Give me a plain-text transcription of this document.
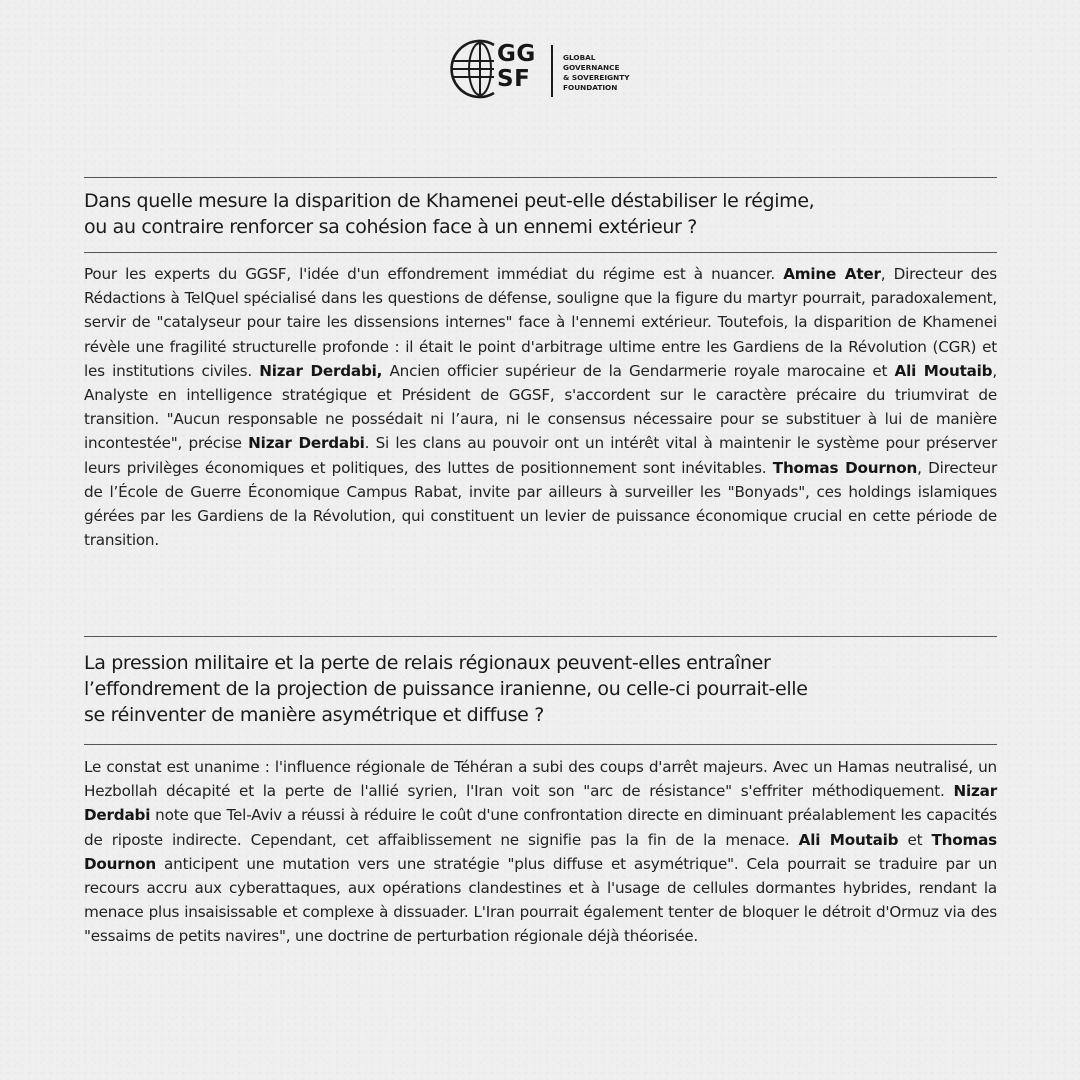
GG
SF
GLOBAL
GOVERNANCE
& SOVEREIGNTY
FOUNDATION
Dans quelle mesure la disparition de Khamenei peut-elle déstabiliser le régime,
ou au contraire renforcer sa cohésion face à un ennemi extérieur ?

Pour les experts du GGSF, l'idée d'un effondrement immédiat du régime est à nuancer. Amine Ater, Directeur des Rédactions à TelQuel spécialisé dans les questions de défense, souligne que la figure du martyr pourrait, paradoxalement, servir de "catalyseur pour taire les dissensions internes" face à l'ennemi extérieur. Toutefois, la disparition de Khamenei révèle une fragilité structurelle profonde : il était le point d'arbitrage ultime entre les Gardiens de la Révolution (CGR) et les institutions civiles. Nizar Derdabi, Ancien officier supérieur de la Gendarmerie royale marocaine et Ali Moutaib, Analyste en intelligence stratégique et Président de GGSF, s'accordent sur le caractère précaire du triumvirat de transition. "Aucun responsable ne possédait ni l’aura, ni le consensus nécessaire pour se substituer à lui de manière incontestée", précise Nizar Derdabi. Si les clans au pouvoir ont un intérêt vital à maintenir le système pour préserver leurs privilèges économiques et politiques, des luttes de positionnement sont inévitables. Thomas Dournon, Directeur de l’École de Guerre Économique Campus Rabat, invite par ailleurs à surveiller les "Bonyads", ces holdings islamiques gérées par les Gardiens de la Révolution, qui constituent un levier de puissance économique crucial en cette période de transition.

La pression militaire et la perte de relais régionaux peuvent-elles entraîner
l’effondrement de la projection de puissance iranienne, ou celle-ci pourrait-elle
se réinventer de manière asymétrique et diffuse ?

Le constat est unanime : l'influence régionale de Téhéran a subi des coups d'arrêt majeurs. Avec un Hamas neutralisé, un Hezbollah décapité et la perte de l'allié syrien, l'Iran voit son "arc de résistance" s'effriter méthodiquement. Nizar Derdabi note que Tel-Aviv a réussi à réduire le coût d'une confrontation directe en diminuant préalablement les capacités de riposte indirecte. Cependant, cet affaiblissement ne signifie pas la fin de la menace. Ali Moutaib et Thomas Dournon anticipent une mutation vers une stratégie "plus diffuse et asymétrique". Cela pourrait se traduire par un recours accru aux cyberattaques, aux opérations clandestines et à l'usage de cellules dormantes hybrides, rendant la menace plus insaisissable et complexe à dissuader. L'Iran pourrait également tenter de bloquer le détroit d'Ormuz via des "essaims de petits navires", une doctrine de perturbation régionale déjà théorisée.
